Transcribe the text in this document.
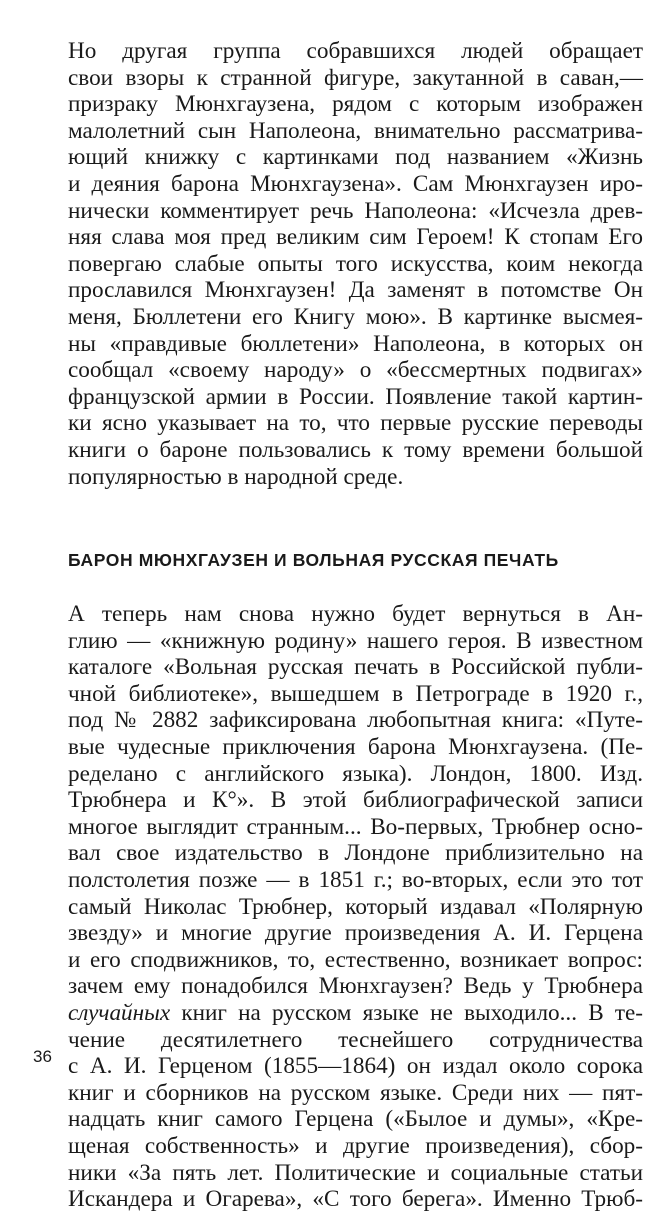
Но другая группа собравшихся людей обращает
свои взоры к странной фигуре, закутанной в саван,—
призраку Мюнхгаузена, рядом с которым изображен
малолетний сын Наполеона, внимательно рассматрива-
ющий книжку с картинками под названием «Жизнь
и деяния барона Мюнхгаузена». Сам Мюнхгаузен иро-
нически комментирует речь Наполеона: «Исчезла древ-
няя слава моя пред великим сим Героем! К стопам Его
повергаю слабые опыты того искусства, коим некогда
прославился Мюнхгаузен! Да заменят в потомстве Он
меня, Бюллетени его Книгу мою». В картинке высмея-
ны «правдивые бюллетени» Наполеона, в которых он
сообщал «своему народу» о «бессмертных подвигах»
французской армии в России. Появление такой картин-
ки ясно указывает на то, что первые русские переводы
книги о бароне пользовались к тому времени большой
популярностью в народной среде.
БАРОН МЮНХГАУЗЕН И ВОЛЬНАЯ РУССКАЯ ПЕЧАТЬ
А теперь нам снова нужно будет вернуться в Ан-
глию — «книжную родину» нашего героя. В известном
каталоге «Вольная русская печать в Российской публи-
чной библиотеке», вышедшем в Петрограде в 1920 г.,
под № 2882 зафиксирована любопытная книга: «Путе-
вые чудесные приключения барона Мюнхгаузена. (Пе-
ределано с английского языка). Лондон, 1800. Изд.
Трюбнера и К°». В этой библиографической записи
многое выглядит странным... Во-первых, Трюбнер осно-
вал свое издательство в Лондоне приблизительно на
полстолетия позже — в 1851 г.; во-вторых, если это тот
самый Николас Трюбнер, который издавал «Полярную
звезду» и многие другие произведения А. И. Герцена
и его сподвижников, то, естественно, возникает вопрос:
зачем ему понадобился Мюнхгаузен? Ведь у Трюбнера
случайных книг на русском языке не выходило... В те-
чение десятилетнего теснейшего сотрудничества
с А. И. Герценом (1855—1864) он издал около сорока
книг и сборников на русском языке. Среди них — пят-
надцать книг самого Герцена («Былое и думы», «Кре-
щеная собственность» и другие произведения), сбор-
ники «За пять лет. Политические и социальные статьи
Искандера и Огарева», «С того берега». Именно Трюб-
36
